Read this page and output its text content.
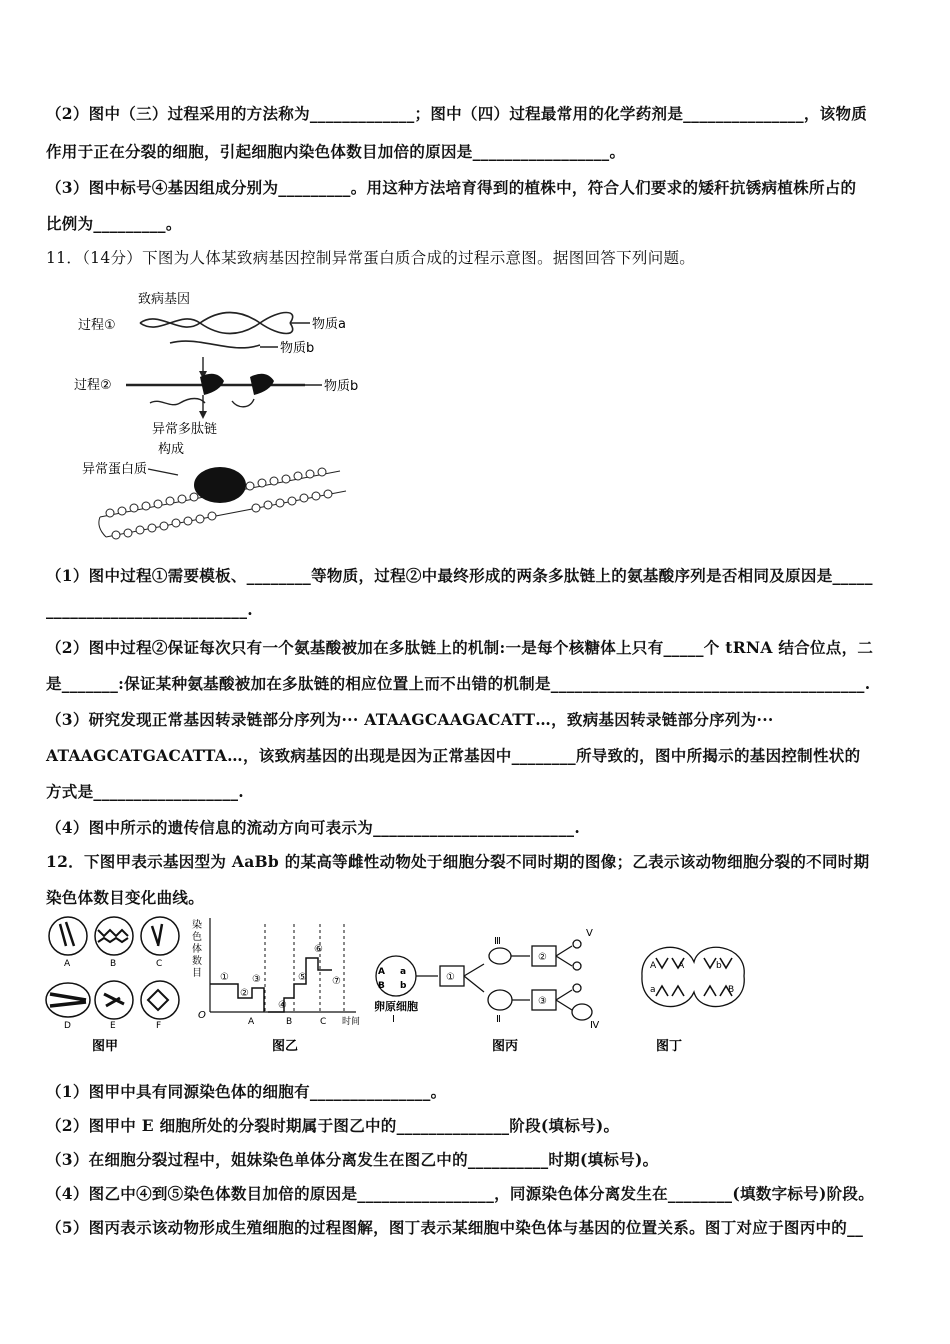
（2）图中（三）过程采用的方法称为_____________；图中（四）过程最常用的化学药剂是_______________，该物质
作用于正在分裂的细胞，引起细胞内染色体数目加倍的原因是_________________。
（3）图中标号④基因组成分别为_________。用这种方法培育得到的植株中，符合人们要求的矮秆抗锈病植株所占的
比例为_________。
11．（14分）下图为人体某致病基因控制异常蛋白质合成的过程示意图。据图回答下列问题。
致病基因
过程①	物质a
物质b
过程②	物质b
异常多肽链
构成
异常蛋白质
（1）图中过程①需要模板、________等物质，过程②中最终形成的两条多肽链上的氨基酸序列是否相同及原因是_____
_________________________.
（2）图中过程②保证每次只有一个氨基酸被加在多肽链上的机制:一是每个核糖体上只有_____个 tRNA 结合位点，二
是_______:保证某种氨基酸被加在多肽链的相应位置上而不出错的机制是_______________________________________.
（3）研究发现正常基因转录链部分序列为··· ATAAGCAAGACATT…，致病基因转录链部分序列为···
ATAAGCATGACATTA…，该致病基因的出现是因为正常基因中________所导致的，图中所揭示的基因控制性状的
方式是__________________.
（4）图中所示的遗传信息的流动方向可表示为_________________________.
12．下图甲表示基因型为 AaBb 的某高等雌性动物处于细胞分裂不同时期的图像；乙表示该动物细胞分裂的不同时期
染色体数目变化曲线。
A	B	C
D	E	F
图甲
染
色
体
数
目
O
①
②
③
④
⑤
⑥
⑦
A	B	C 时间
图乙
A a
B b
卵原细胞
Ⅰ
①
②
③
Ⅲ
Ⅱ
Ⅳ
Ⅴ
图丙
A A	b
a	B
图丁
（1）图甲中具有同源染色体的细胞有_______________。
（2）图甲中 E 细胞所处的分裂时期属于图乙中的______________阶段(填标号)。
（3）在细胞分裂过程中，姐妹染色单体分离发生在图乙中的__________时期(填标号)。
（4）图乙中④到⑤染色体数目加倍的原因是_________________，同源染色体分离发生在________(填数字标号)阶段。
（5）图丙表示该动物形成生殖细胞的过程图解，图丁表示某细胞中染色体与基因的位置关系。图丁对应于图丙中的__
